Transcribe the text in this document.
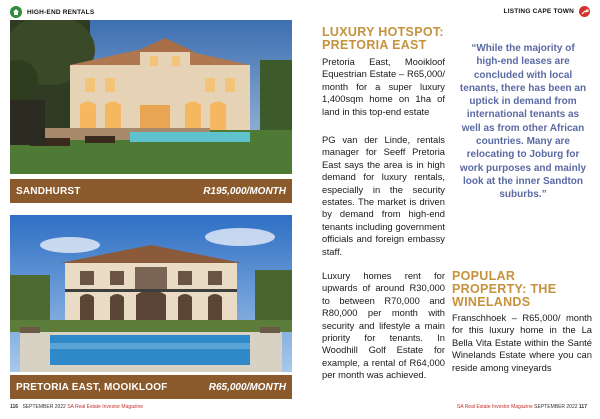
HIGH-END RENTALS	LISTING CAPE TOWN
SANDHURST	R195,000/MONTH
PRETORIA EAST, MOOIKLOOF	R65,000/MONTH
LUXURY HOTSPOT: PRETORIA EAST

Pretoria East, Mooikloof Equestrian Estate – R65,000/ month for a super luxury 1,400sqm home on 1ha of land in this top-end estate

PG van der Linde, rentals manager for Seeff Pretoria East says the area is in high demand for luxury rentals, especially in the security estates. The market is driven by demand from high-end tenants including government officials and foreign embassy staff.

Luxury homes rent for upwards of around R30,000 to between R70,000 and R80,000 per month with security and lifestyle a main priority for tenants. In Woodhill Golf Estate for example, a rental of R64,000 per month was achieved.

“While the majority of high-end leases are concluded with local tenants, there has been an uptick in demand from international tenants as well as from other African countries. Many are relocating to Joburg for work purposes and mainly look at the inner Sandton suburbs.”
POPULAR PROPERTY: THE WINELANDS

Franschhoek – R65,000/ month for this luxury home in the La Bella Vita Estate within the Santé Winelands Estate where you can reside among vineyards

116 SEPTEMBER 2022 SA Real Estate Investor Magazine	SA Real Estate Investor Magazine SEPTEMBER 2022 117
